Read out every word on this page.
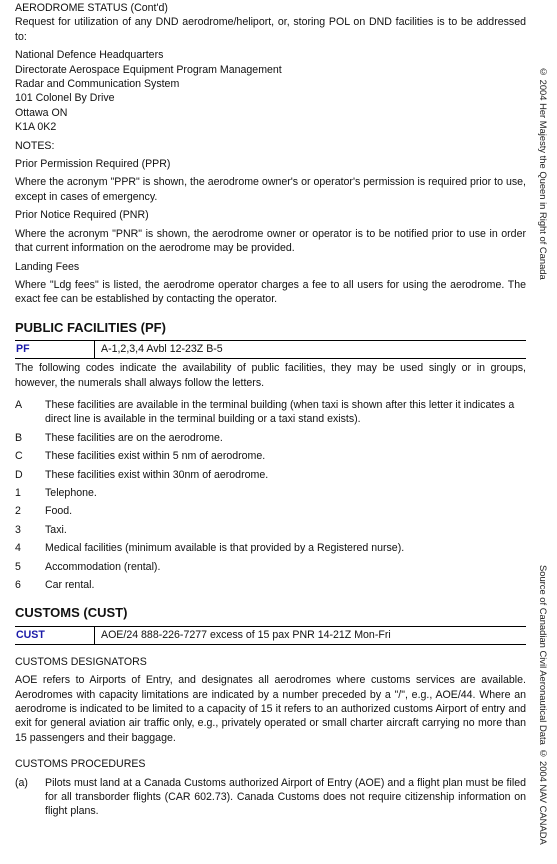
AERODROME STATUS (Cont'd)

Request for utilization of any DND aerodrome/heliport, or, storing POL on DND facilities is to be addressed to:

National Defence Headquarters

Directorate Aerospace Equipment Program Management

Radar and Communication System

101 Colonel By Drive

Ottawa ON

K1A 0K2

NOTES:

Prior Permission Required (PPR)

Where the acronym "PPR" is shown, the aerodrome owner's or operator's permission is required prior to use, except in cases of emergency.

Prior Notice Required (PNR)

Where the acronym "PNR" is shown, the aerodrome owner or operator is to be notified prior to use in order that current information on the aerodrome may be provided.

Landing Fees

Where "Ldg fees" is listed, the aerodrome operator charges a fee to all users for using the aerodrome. The exact fee can be established by contacting the operator.

PUBLIC FACILITIES (PF)

PF	A-1,2,3,4 Avbl 12-23Z B-5

The following codes indicate the availability of public facilities, they may be used singly or in groups, however, the numerals shall always follow the letters.

A	These facilities are available in the terminal building (when taxi is shown after this letter it indicates a direct line is available in the terminal building or a taxi stand exists).
B	These facilities are on the aerodrome.
C	These facilities exist within 5 nm of aerodrome.
D	These facilities exist within 30nm of aerodrome.
1	Telephone.
2	Food.
3	Taxi.
4	Medical facilities (minimum available is that provided by a Registered nurse).
5	Accommodation (rental).
6	Car rental.

CUSTOMS (CUST)

CUST	AOE/24 888-226-7277 excess of 15 pax PNR 14-21Z Mon-Fri

CUSTOMS DESIGNATORS

AOE refers to Airports of Entry, and designates all aerodromes where customs services are available. Aerodromes with capacity limitations are indicated by a number preceded by a "/", e.g., AOE/44. Where an aerodrome is indicated to be limited to a capacity of 15 it refers to an authorized customs Airport of entry and exit for general aviation air traffic only, e.g., privately operated or small charter aircraft carrying no more than 15 passengers and their baggage.

CUSTOMS PROCEDURES

(a)	Pilots must land at a Canada Customs authorized Airport of Entry (AOE) and a flight plan must be filed for all transborder flights (CAR 602.73). Canada Customs does not require citizenship information on flight plans.
© 2004 Her Majesty the Queen in Right of Canada
Source of Canadian Civil Aeronautical Data © 2004 NAV CANADA
